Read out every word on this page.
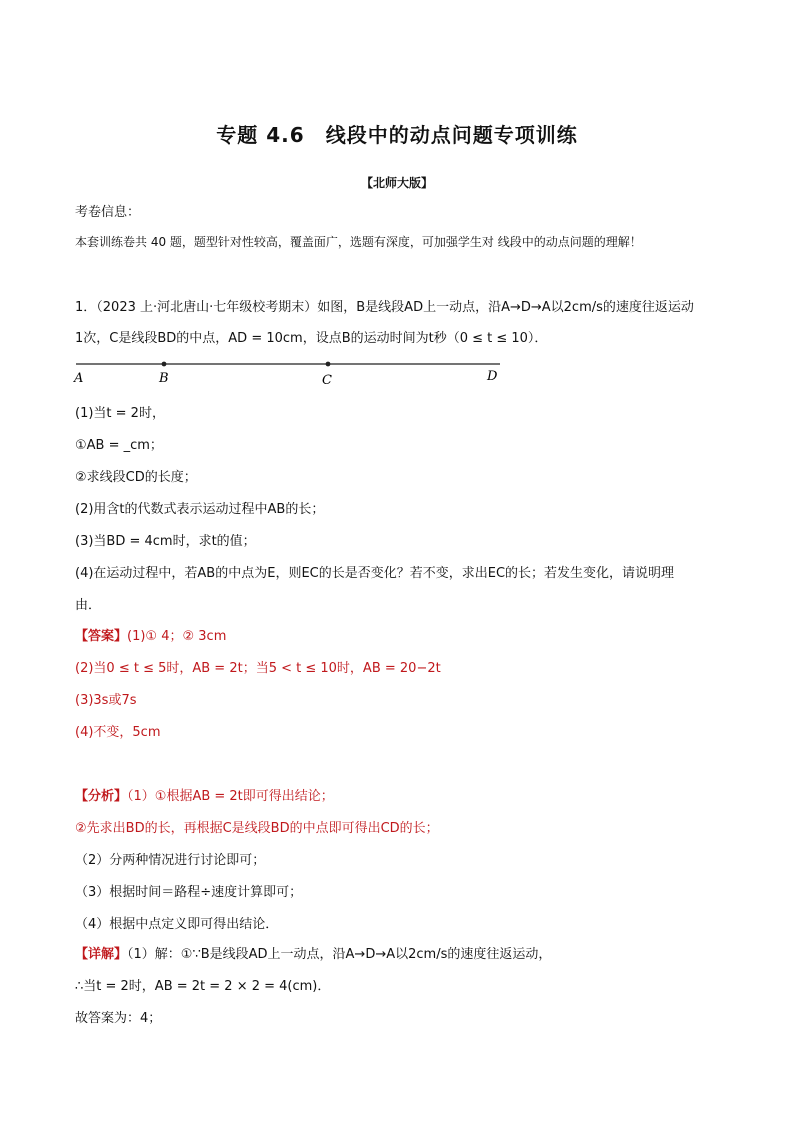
专题 4.6　线段中的动点问题专项训练
【北师大版】
考卷信息：
本套训练卷共 40 题，题型针对性较高，覆盖面广，选题有深度，可加强学生对 线段中的动点问题的理解！
1．（2023 上·河北唐山·七年级校考期末）如图，B是线段AD上一动点，沿A→D→A以2cm/s的速度往返运动
1次，C是线段BD的中点，AD = 10cm，设点B的运动时间为t秒（0 ≤ t ≤ 10）．
A	B	C	D
(1)当t = 2时，
①AB = _cm；
②求线段CD的长度；
(2)用含t的代数式表示运动过程中AB的长；
(3)当BD = 4cm时，求t的值；
(4)在运动过程中，若AB的中点为E，则EC的长是否变化？若不变，求出EC的长；若发生变化，请说明理
由．
【答案】(1)① 4；② 3cm
(2)当0 ≤ t ≤ 5时，AB = 2t；当5 < t ≤ 10时，AB = 20−2t
(3)3s或7s
(4)不变，5cm
【分析】（1）①根据AB = 2t即可得出结论；
②先求出BD的长，再根据C是线段BD的中点即可得出CD的长；
（2）分两种情况进行讨论即可；
（3）根据时间＝路程÷速度计算即可；
（4）根据中点定义即可得出结论．
【详解】（1）解：①∵B是线段AD上一动点，沿A→D→A以2cm/s的速度往返运动，
∴当t = 2时，AB = 2t = 2 × 2 = 4(cm)．
故答案为：4；
